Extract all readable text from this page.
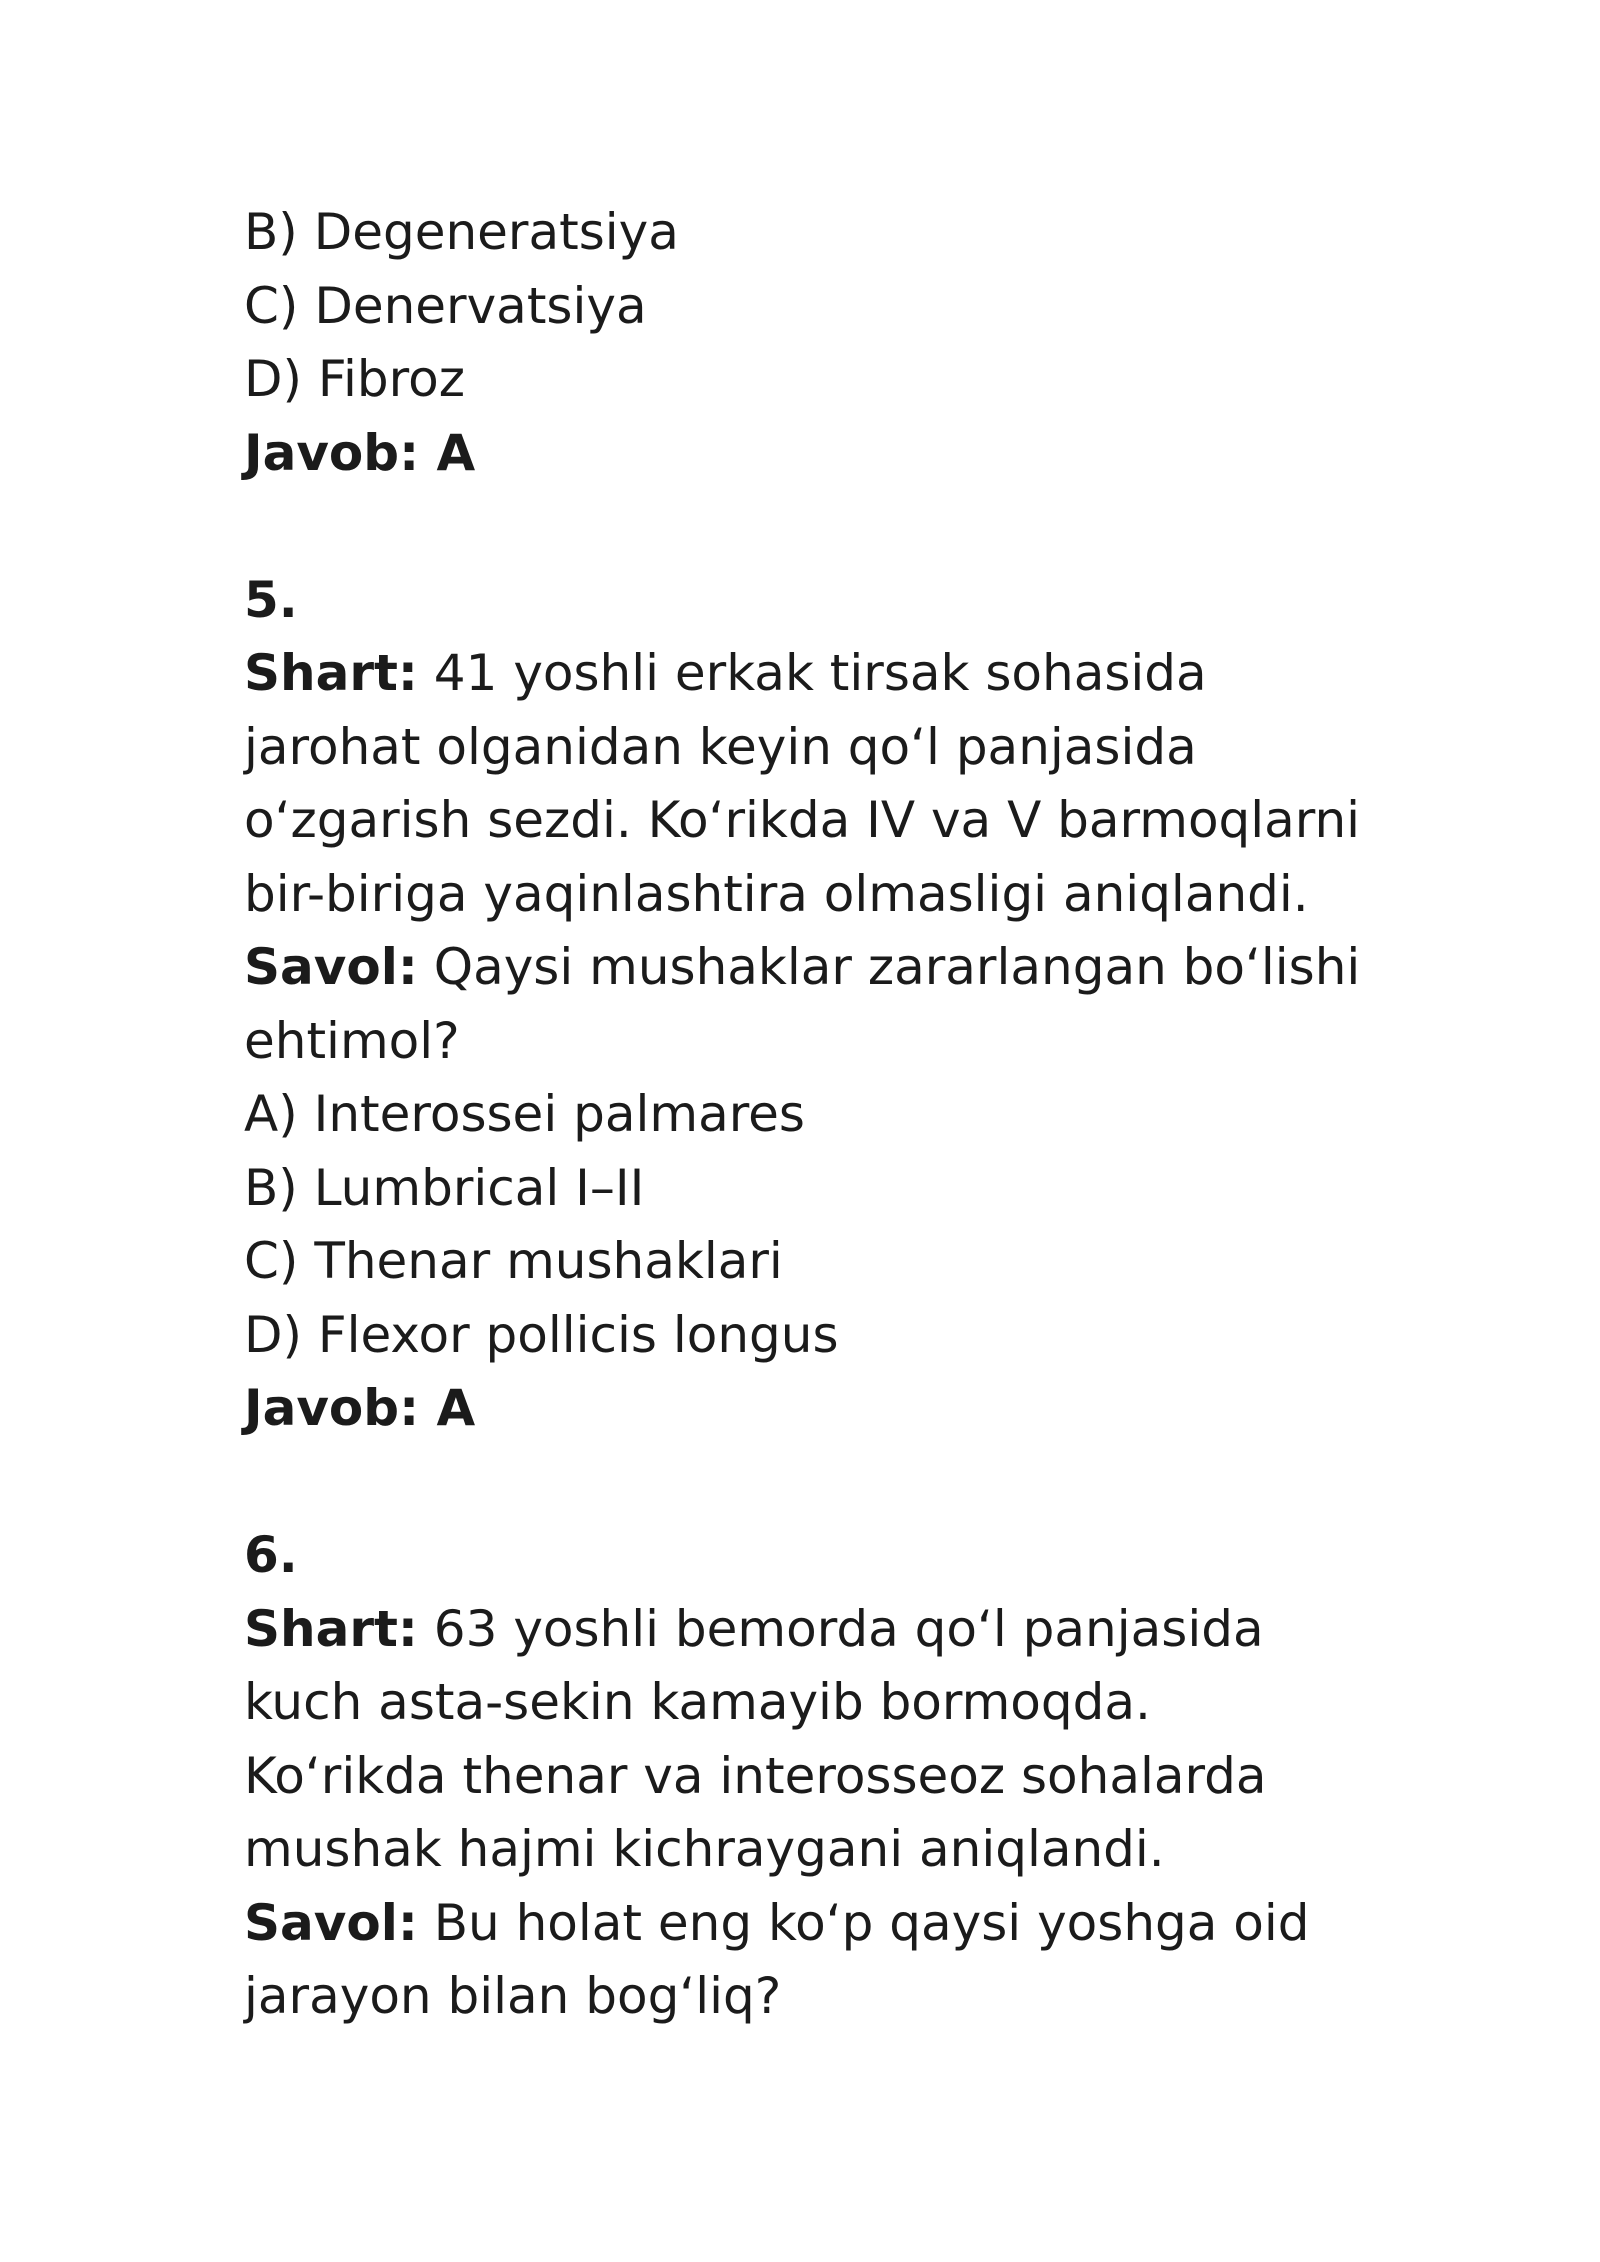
B) Degeneratsiya
C) Denervatsiya
D) Fibroz
Javob: A
5.
Shart: 41 yoshli erkak tirsak sohasida
jarohat olganidan keyin qoʻl panjasida
oʻzgarish sezdi. Koʻrikda IV va V barmoqlarni
bir-biriga yaqinlashtira olmasligi aniqlandi.
Savol: Qaysi mushaklar zararlangan boʻlishi
ehtimol?
A) Interossei palmares
B) Lumbrical I–II
C) Thenar mushaklari
D) Flexor pollicis longus
Javob: A
6.
Shart: 63 yoshli bemorda qoʻl panjasida
kuch asta-sekin kamayib bormoqda.
Koʻrikda thenar va interosseoz sohalarda
mushak hajmi kichraygani aniqlandi.
Savol: Bu holat eng koʻp qaysi yoshga oid
jarayon bilan bogʻliq?
